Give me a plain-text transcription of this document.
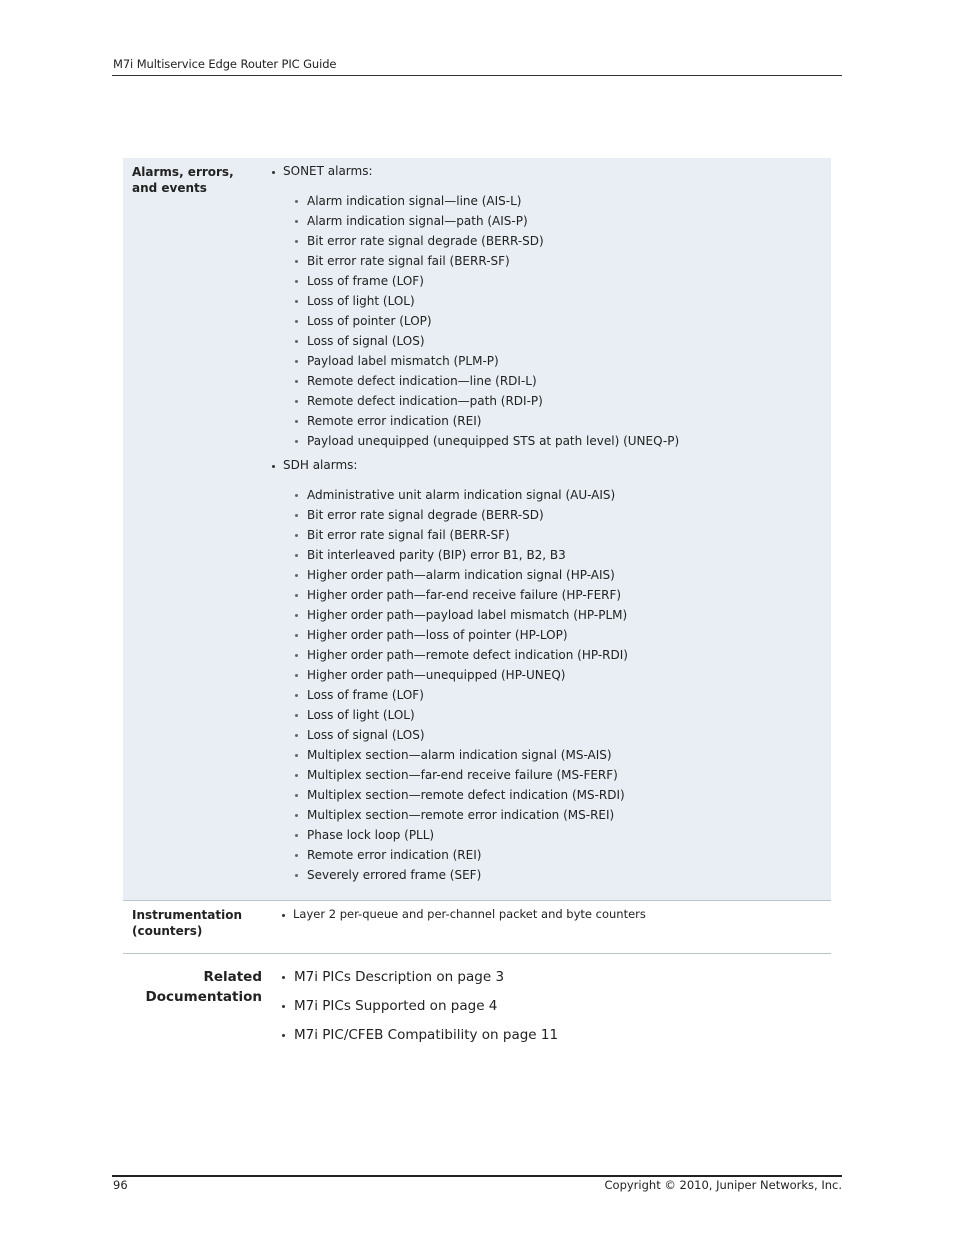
M7i Multiservice Edge Router PIC Guide
Alarms, errors, and events
SONET alarms:
Alarm indication signal—line (AIS-L)
Alarm indication signal—path (AIS-P)
Bit error rate signal degrade (BERR-SD)
Bit error rate signal fail (BERR-SF)
Loss of frame (LOF)
Loss of light (LOL)
Loss of pointer (LOP)
Loss of signal (LOS)
Payload label mismatch (PLM-P)
Remote defect indication—line (RDI-L)
Remote defect indication—path (RDI-P)
Remote error indication (REI)
Payload unequipped (unequipped STS at path level) (UNEQ-P)
SDH alarms:
Administrative unit alarm indication signal (AU-AIS)
Bit error rate signal degrade (BERR-SD)
Bit error rate signal fail (BERR-SF)
Bit interleaved parity (BIP) error B1, B2, B3
Higher order path—alarm indication signal (HP-AIS)
Higher order path—far-end receive failure (HP-FERF)
Higher order path—payload label mismatch (HP-PLM)
Higher order path—loss of pointer (HP-LOP)
Higher order path—remote defect indication (HP-RDI)
Higher order path—unequipped (HP-UNEQ)
Loss of frame (LOF)
Loss of light (LOL)
Loss of signal (LOS)
Multiplex section—alarm indication signal (MS-AIS)
Multiplex section—far-end receive failure (MS-FERF)
Multiplex section—remote defect indication (MS-RDI)
Multiplex section—remote error indication (MS-REI)
Phase lock loop (PLL)
Remote error indication (REI)
Severely errored frame (SEF)
Instrumentation
(counters)
Layer 2 per-queue and per-channel packet and byte counters
Related
Documentation
M7i PICs Description on page 3
M7i PICs Supported on page 4
M7i PIC/CFEB Compatibility on page 11
96	Copyright © 2010, Juniper Networks, Inc.
